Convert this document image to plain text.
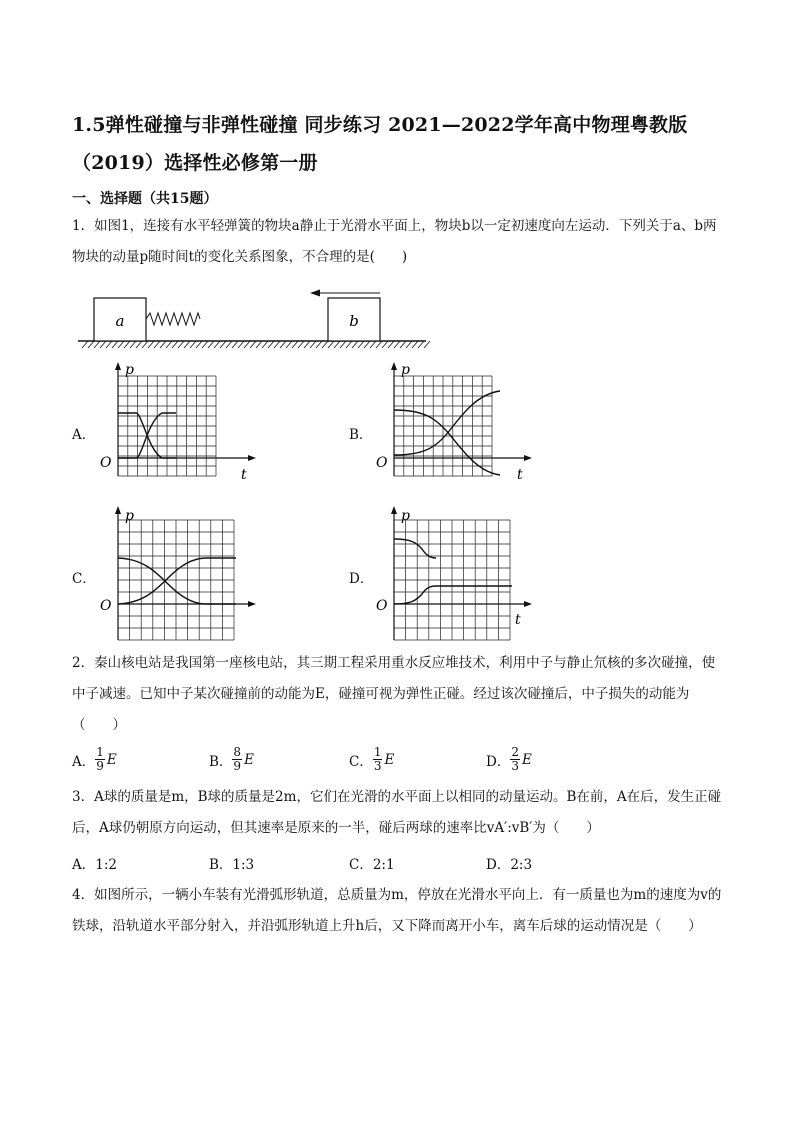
1.5弹性碰撞与非弹性碰撞 同步练习 2021—2022学年高中物理粤教版（2019）选择性必修第一册
一、选择题（共15题）
1．如图1，连接有水平轻弹簧的物块a静止于光滑水平面上，物块b以一定初速度向左运动．下列关于a、b两物块的动量p随时间t的变化关系图象，不合理的是(　　)
a	b
A．	B．
C．	D．
p
t
O
p
t
O
p
O
p
t
O
2．秦山核电站是我国第一座核电站，其三期工程采用重水反应堆技术，利用中子与静止氘核的多次碰撞，使中子减速。已知中子某次碰撞前的动能为E，碰撞可视为弹性正碰。经过该次碰撞后，中子损失的动能为（　　）
A． $\frac{1}{9}$ E	B． $\frac{8}{9}$ E	C． $\frac{1}{3}$ E	D． $\frac{2}{3}$ E
3．A球的质量是m，B球的质量是2m，它们在光滑的水平面上以相同的动量运动。B在前，A在后，发生正碰后，A球仍朝原方向运动，但其速率是原来的一半，碰后两球的速率比vA′:vB′为（　　）
A．1:2	B．1:3	C．2:1	D．2:3
4．如图所示，一辆小车装有光滑弧形轨道，总质量为m，停放在光滑水平向上．有一质量也为m的速度为v的铁球，沿轨道水平部分射入，并沿弧形轨道上升h后，又下降而离开小车，离车后球的运动情况是（　　）
